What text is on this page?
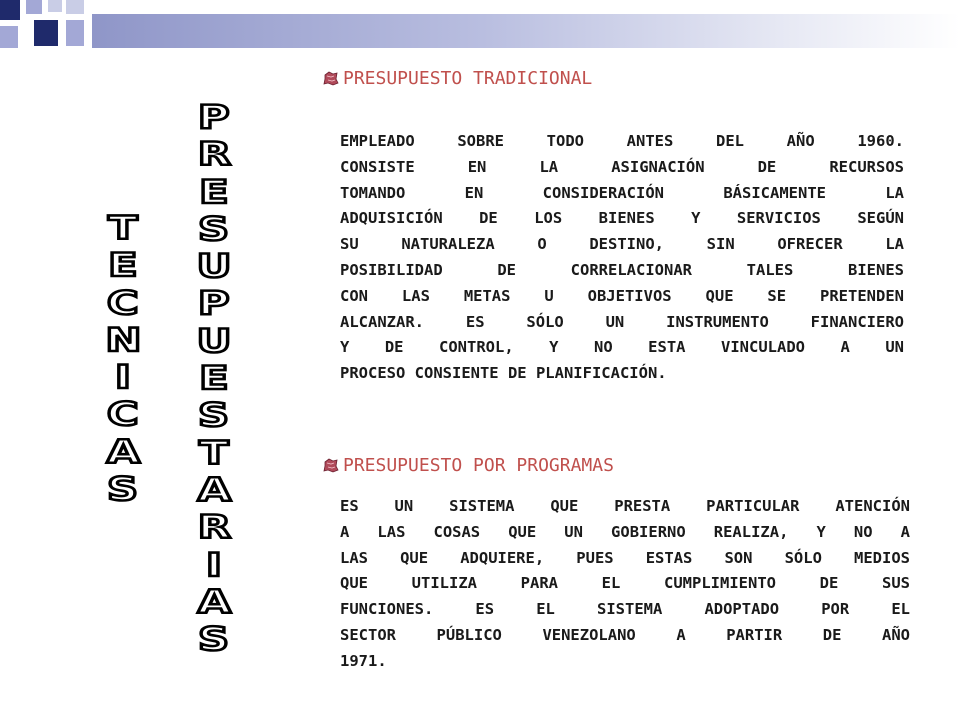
T
E
C
N
I
C
A
S
P
R
E
S
U
P
U
E
S
T
A
R
I
A
S
PRESUPUESTO TRADICIONAL
EMPLEADO SOBRE TODO ANTES DEL AÑO 1960.
CONSISTE EN LA ASIGNACIÓN DE RECURSOS
TOMANDO EN CONSIDERACIÓN BÁSICAMENTE LA
ADQUISICIÓN DE LOS BIENES Y SERVICIOS SEGÚN
SU NATURALEZA O DESTINO, SIN OFRECER LA
POSIBILIDAD DE CORRELACIONAR TALES BIENES
CON LAS METAS U OBJETIVOS QUE SE PRETENDEN
ALCANZAR. ES SÓLO UN INSTRUMENTO FINANCIERO
Y DE CONTROL, Y NO ESTA VINCULADO A UN
PROCESO CONSIENTE DE PLANIFICACIÓN.
PRESUPUESTO POR PROGRAMAS
ES UN SISTEMA QUE PRESTA PARTICULAR ATENCIÓN
A LAS COSAS QUE UN GOBIERNO REALIZA, Y NO A
LAS QUE ADQUIERE, PUES ESTAS SON SÓLO MEDIOS
QUE UTILIZA PARA EL CUMPLIMIENTO DE SUS
FUNCIONES. ES EL SISTEMA ADOPTADO POR EL
SECTOR PÚBLICO VENEZOLANO A PARTIR DE AÑO
1971.
